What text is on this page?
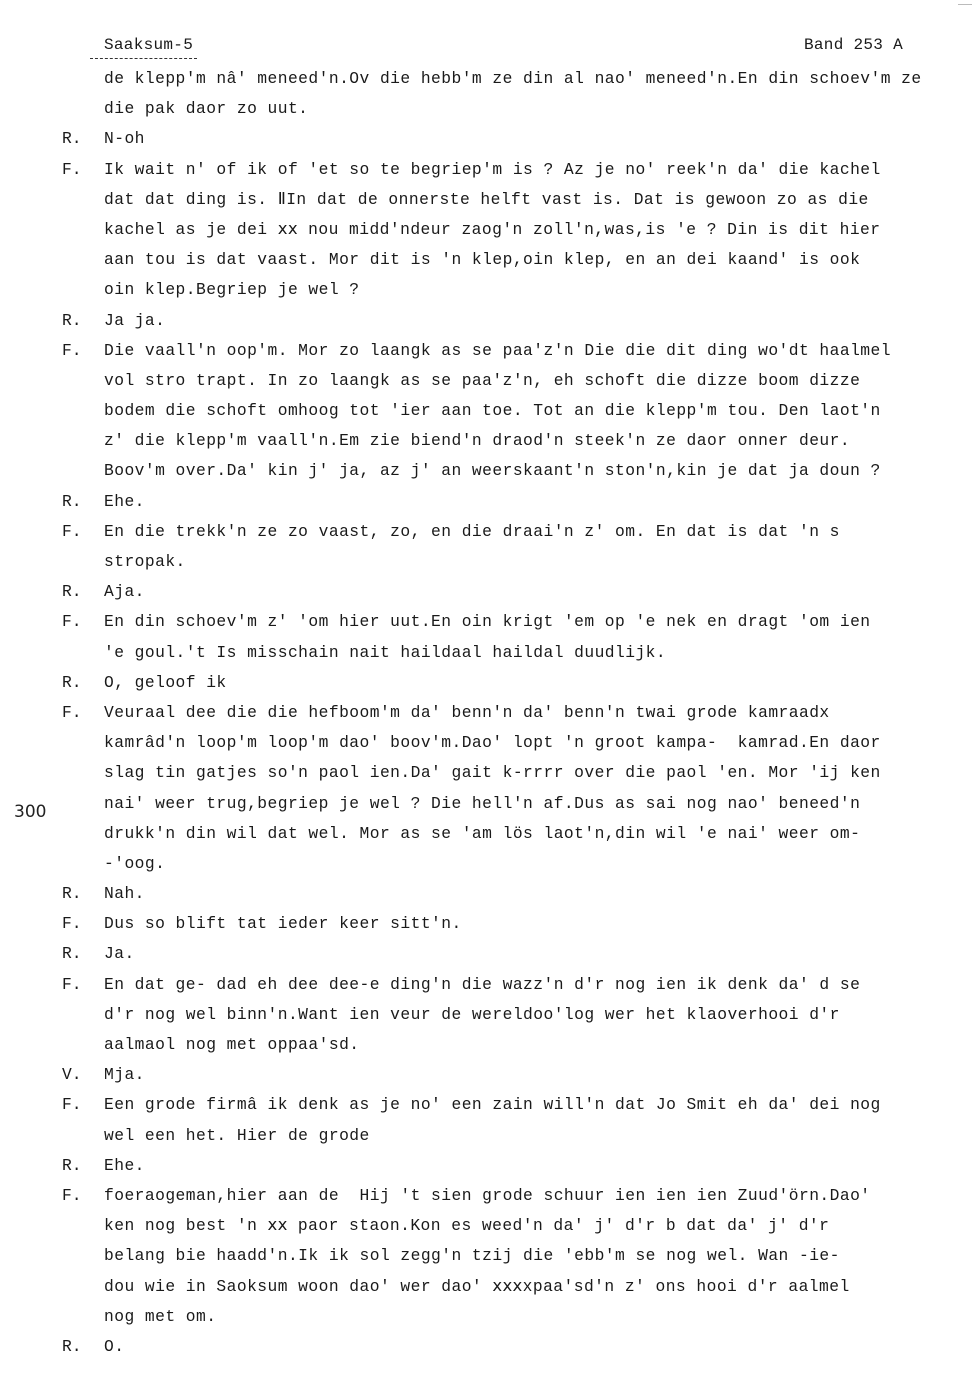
Saaksum-5	Band 253 A
300
de klepp'm nâ' meneed'n.Ov die hebb'm ze din al nao' meneed'n.En din schoev'm ze
die pak daor zo uut.
R. N-oh
F. Ik wait n' of ik of 'et so te begriep'm is ? Az je no' reek'n da' die kachel
dat dat ding is. ⅡIn dat de onnerste helft vast is. Dat is gewoon zo as die
kachel as je dei ⅹⅹ nou midd'ndeur zaog'n zoll'n,was,is 'e ? Din is dit hier
aan tou is dat vaast. Mor dit is 'n klep,oin klep, en an dei kaand' is ook
oin klep.Begriep je wel ?
R. Ja ja.
F. Die vaall'n oop'm. Mor zo laangk as se paa'z'n Die die dit ding wo'dt haalmel
vol stro trapt. In zo laangk as se paa'z'n, eh schoft die dizze boom dizze
bodem die schoft omhoog tot 'ier aan toe. Tot an die klepp'm tou. Den laot'n
z' die klepp'm vaall'n.Em zie biend'n draod'n steek'n ze daor onner deur.
Boov'm over.Da' kin j' ja, az j' an weerskaant'n ston'n,kin je dat ja doun ?
R. Ehe.
F. En die trekk'n ze zo vaast, zo, en die draai'n z' om. En dat is dat 'n s
stropak.
R. Aja.
F. En din schoev'm z' 'om hier uut.En oin krigt 'em op 'e nek en dragt 'om ien
'e goul.'t Is misschain nait haildaal haildal duudlijk.
R. O, geloof ik
F. Veuraal dee die die hefboom'm da' benn'n da' benn'n twai grode kamraadx
kamrâd'n loop'm loop'm dao' boov'm.Dao' lopt 'n groot kampa-  kamrad.En daor
slag tin gatjes so'n paol ien.Da' gait k-rrrr over die paol 'en. Mor 'ij ken
nai' weer trug,begriep je wel ? Die hell'n af.Dus as sai nog nao' beneed'n
drukk'n din wil dat wel. Mor as se 'am lös laot'n,din wil 'e nai' weer om-
-'oog.
R. Nah.
F. Dus so blift tat ieder keer sitt'n.
R. Ja.
F. En dat ge- dad eh dee dee-e ding'n die wazz'n d'r nog ien ik denk da' d se
d'r nog wel binn'n.Want ien veur de wereldoo'log wer het klaoverhooi d'r
aalmaol nog met oppaa'sd.
V. Mja.
F. Een grode firmâ ik denk as je no' een zain will'n dat Jo Smit eh da' dei nog
wel een het. Hier de grode
R. Ehe.
F. foeraogeman,hier aan de  Hij 't sien grode schuur ien ien ien Zuud'örn.Dao'
ken nog best 'n ⅹⅹ paor staon.Kon es weed'n da' j' d'r b dat da' j' d'r
belang bie haadd'n.Ik ik sol zegg'n tzij die 'ebb'm se nog wel. Wan -ie-
dou wie in Saoksum woon dao' wer dao' ⅹⅹⅹxpaa'sd'n z' ons hooi d'r aalmel
nog met om.
R. O.
